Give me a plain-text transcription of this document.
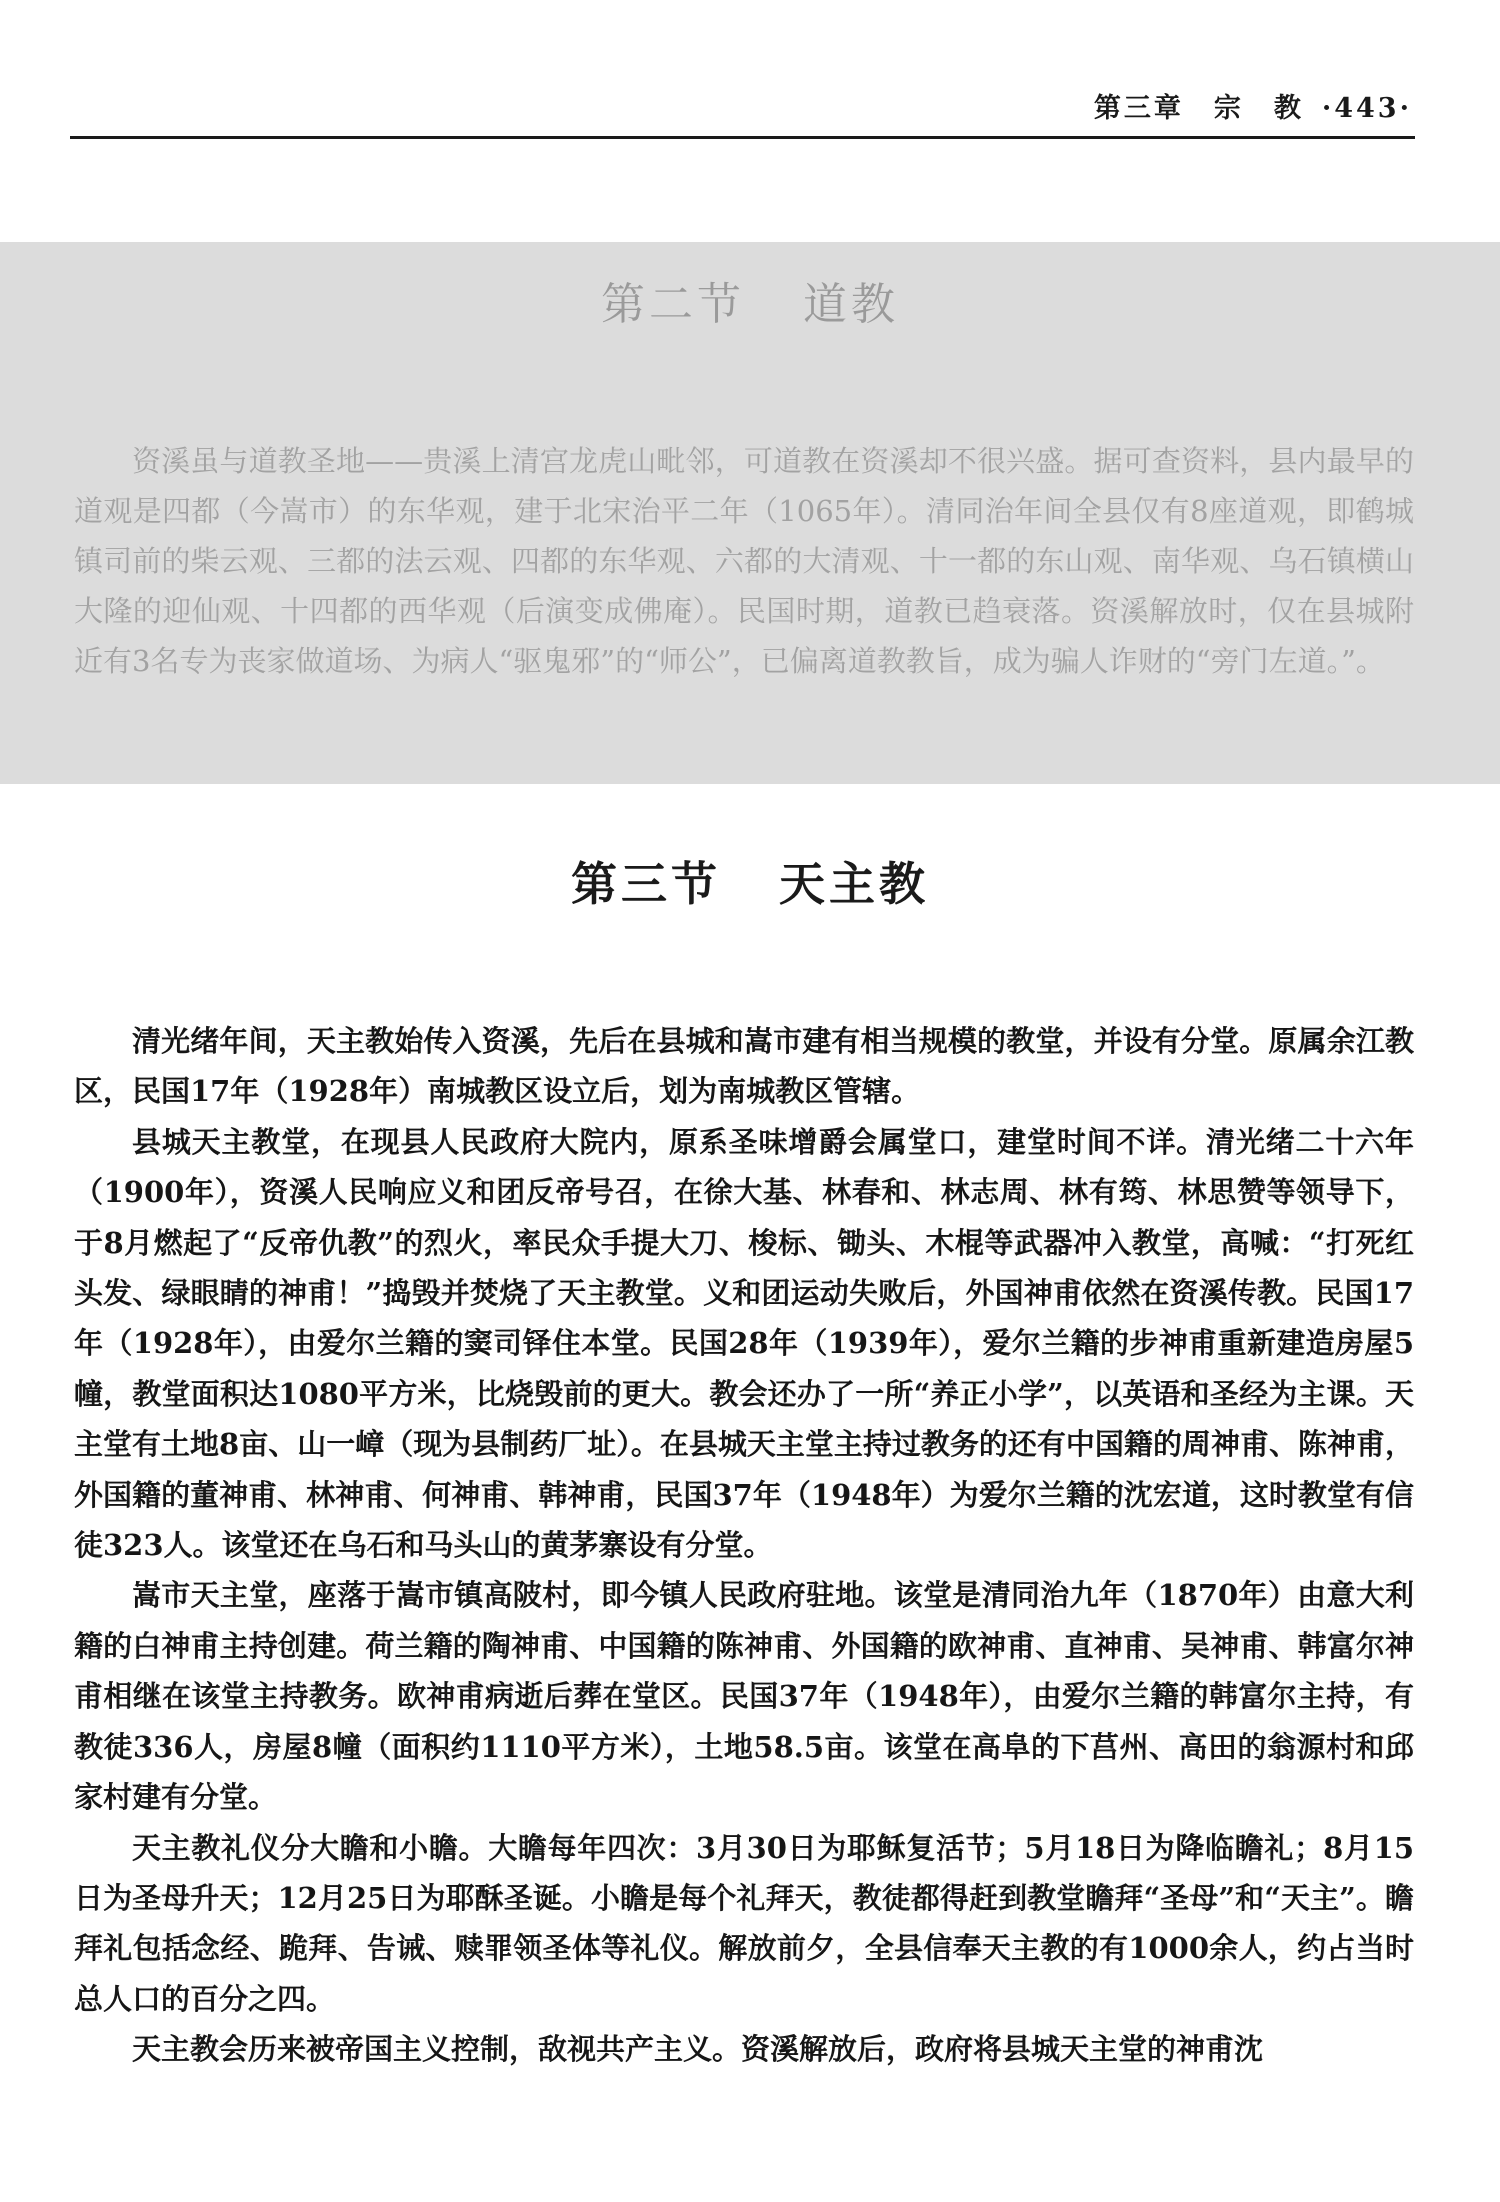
第三章　宗　教 ·443·
第二节 道教

资溪虽与道教圣地——贵溪上清宫龙虎山毗邻，可道教在资溪却不很兴盛。据可查资料，县内最早的道观是四都（今嵩市）的东华观，建于北宋治平二年（1065年）。清同治年间全县仅有8座道观，即鹤城镇司前的柴云观、三都的法云观、四都的东华观、六都的大清观、十一都的东山观、南华观、乌石镇横山大隆的迎仙观、十四都的西华观（后演变成佛庵）。民国时期，道教已趋衰落。资溪解放时，仅在县城附近有3名专为丧家做道场、为病人“驱鬼邪”的“师公”，已偏离道教教旨，成为骗人诈财的“旁门左道。”。

第三节 天主教

清光绪年间，天主教始传入资溪，先后在县城和嵩市建有相当规模的教堂，并设有分堂。原属余江教区，民国17年（1928年）南城教区设立后，划为南城教区管辖。

县城天主教堂，在现县人民政府大院内，原系圣味增爵会属堂口，建堂时间不详。清光绪二十六年（1900年），资溪人民响应义和团反帝号召，在徐大基、林春和、林志周、林有筠、林思赞等领导下，于8月燃起了“反帝仇教”的烈火，率民众手提大刀、梭标、锄头、木棍等武器冲入教堂，高喊：“打死红头发、绿眼睛的神甫！”捣毁并焚烧了天主教堂。义和团运动失败后，外国神甫依然在资溪传教。民国17年（1928年），由爱尔兰籍的窦司铎住本堂。民国28年（1939年），爱尔兰籍的步神甫重新建造房屋5幢，教堂面积达1080平方米，比烧毁前的更大。教会还办了一所“养正小学”，以英语和圣经为主课。天主堂有土地8亩、山一嶂（现为县制药厂址）。在县城天主堂主持过教务的还有中国籍的周神甫、陈神甫，外国籍的董神甫、林神甫、何神甫、韩神甫，民国37年（1948年）为爱尔兰籍的沈宏道，这时教堂有信徒323人。该堂还在乌石和马头山的黄茅寨设有分堂。

嵩市天主堂，座落于嵩市镇高陂村，即今镇人民政府驻地。该堂是清同治九年（1870年）由意大利籍的白神甫主持创建。荷兰籍的陶神甫、中国籍的陈神甫、外国籍的欧神甫、直神甫、吴神甫、韩富尔神甫相继在该堂主持教务。欧神甫病逝后葬在堂区。民国37年（1948年），由爱尔兰籍的韩富尔主持，有教徒336人，房屋8幢（面积约1110平方米），土地58.5亩。该堂在高阜的下莒州、高田的翁源村和邱家村建有分堂。

天主教礼仪分大瞻和小瞻。大瞻每年四次：3月30日为耶稣复活节；5月18日为降临瞻礼；8月15日为圣母升天；12月25日为耶酥圣诞。小瞻是每个礼拜天，教徒都得赶到教堂瞻拜“圣母”和“天主”。瞻拜礼包括念经、跪拜、告诫、赎罪领圣体等礼仪。解放前夕，全县信奉天主教的有1000余人，约占当时总人口的百分之四。

天主教会历来被帝国主义控制，敌视共产主义。资溪解放后，政府将县城天主堂的神甫沈
